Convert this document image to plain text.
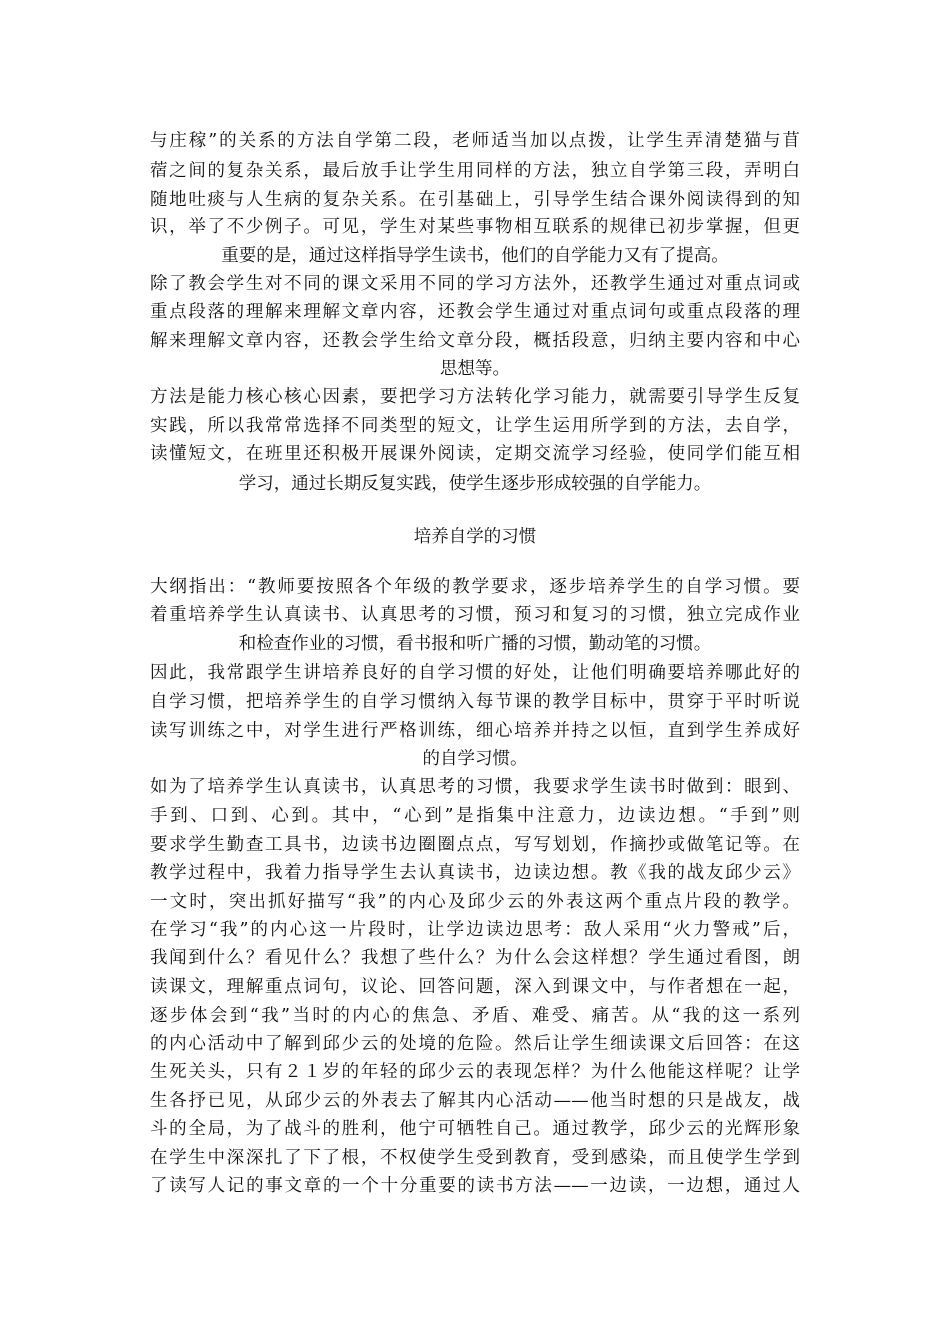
与庄稼”的关系的方法自学第二段，老师适当加以点拨，让学生弄清楚猫与苜
蓿之间的复杂关系，最后放手让学生用同样的方法，独立自学第三段，弄明白
随地吐痰与人生病的复杂关系。在引基础上，引导学生结合课外阅读得到的知
识，举了不少例子。可见，学生对某些事物相互联系的规律已初步掌握，但更
重要的是，通过这样指导学生读书，他们的自学能力又有了提高。
除了教会学生对不同的课文采用不同的学习方法外，还教学生通过对重点词或
重点段落的理解来理解文章内容，还教会学生通过对重点词句或重点段落的理
解来理解文章内容，还教会学生给文章分段，概括段意，归纳主要内容和中心
思想等。
方法是能力核心核心因素，要把学习方法转化学习能力，就需要引导学生反复
实践，所以我常常选择不同类型的短文，让学生运用所学到的方法，去自学，
读懂短文，在班里还积极开展课外阅读，定期交流学习经验，使同学们能互相
学习，通过长期反复实践，使学生逐步形成较强的自学能力。
培养自学的习惯
大纲指出：“教师要按照各个年级的教学要求，逐步培养学生的自学习惯。要
着重培养学生认真读书、认真思考的习惯，预习和复习的习惯，独立完成作业
和检查作业的习惯，看书报和听广播的习惯，勤动笔的习惯。
因此，我常跟学生讲培养良好的自学习惯的好处，让他们明确要培养哪此好的
自学习惯，把培养学生的自学习惯纳入每节课的教学目标中，贯穿于平时听说
读写训练之中，对学生进行严格训练，细心培养并持之以恒，直到学生养成好
的自学习惯。
如为了培养学生认真读书，认真思考的习惯，我要求学生读书时做到：眼到、
手到、口到、心到。其中，“心到”是指集中注意力，边读边想。“手到”则
要求学生勤查工具书，边读书边圈圈点点，写写划划，作摘抄或做笔记等。在
教学过程中，我着力指导学生去认真读书，边读边想。教《我的战友邱少云》
一文时，突出抓好描写“我”的内心及邱少云的外表这两个重点片段的教学。
在学习“我”的内心这一片段时，让学边读边思考：敌人采用“火力警戒”后，
我闻到什么？看见什么？我想了些什么？为什么会这样想？学生通过看图，朗
读课文，理解重点词句，议论、回答问题，深入到课文中，与作者想在一起，
逐步体会到“我”当时的内心的焦急、矛盾、难受、痛苦。从“我的这一系列
的内心活动中了解到邱少云的处境的危险。然后让学生细读课文后回答：在这
生死关头，只有２１岁的年轻的邱少云的表现怎样？为什么他能这样呢？让学
生各抒已见，从邱少云的外表去了解其内心活动——他当时想的只是战友，战
斗的全局，为了战斗的胜利，他宁可牺牲自己。通过教学，邱少云的光辉形象
在学生中深深扎了下了根，不权使学生受到教育，受到感染，而且使学生学到
了读写人记的事文章的一个十分重要的读书方法——一边读，一边想，通过人
